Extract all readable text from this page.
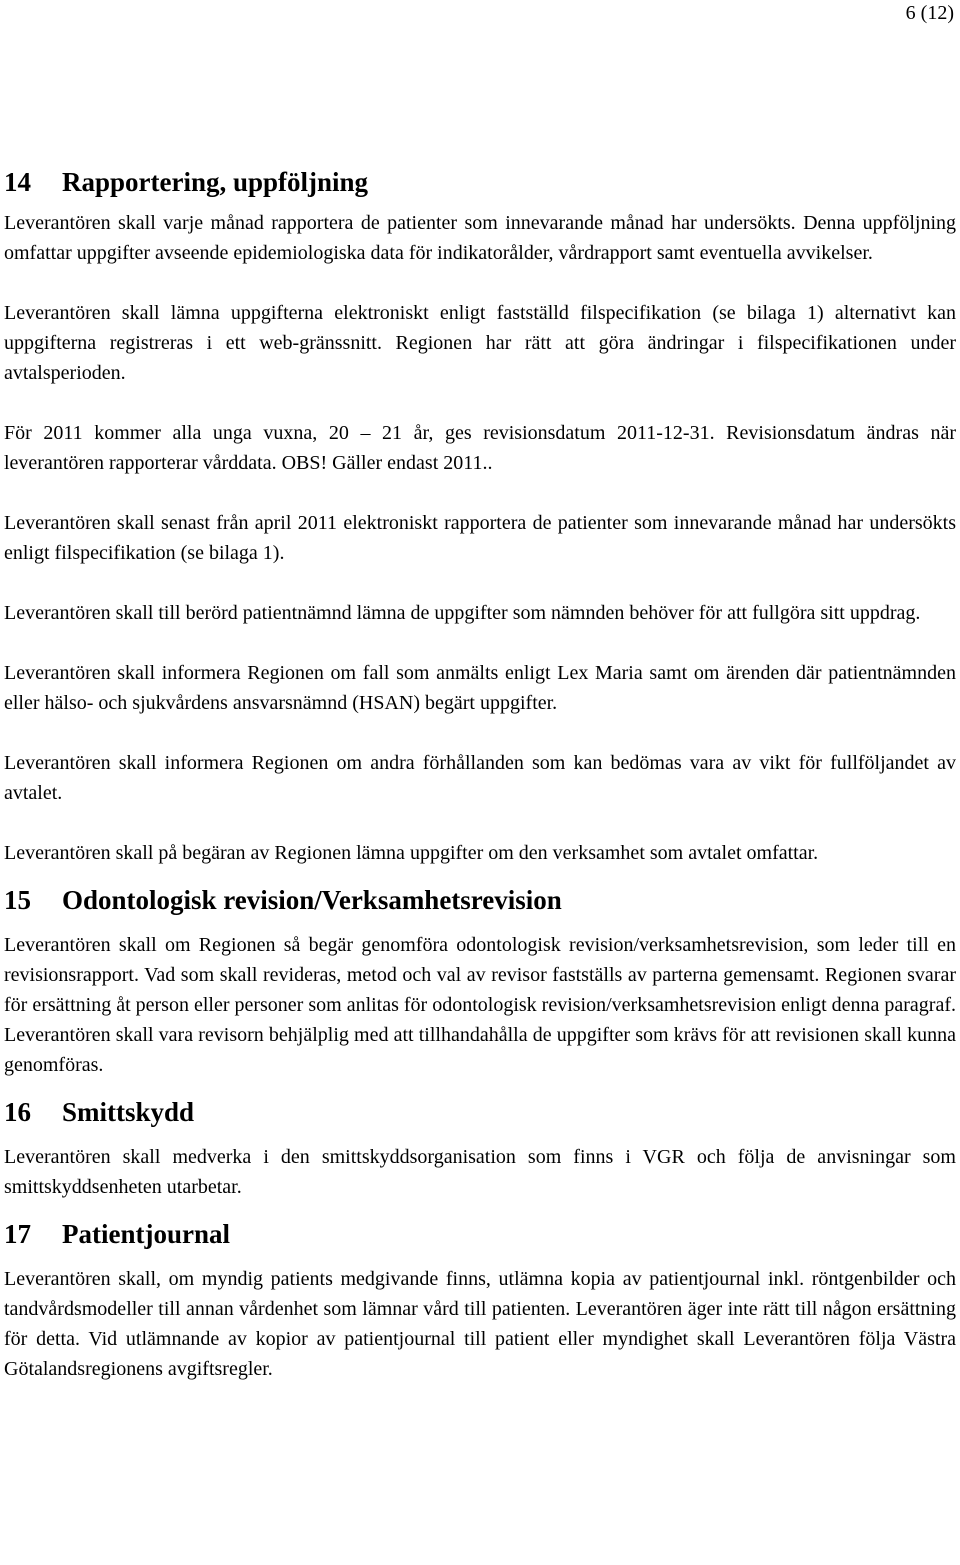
6 (12)
14 Rapportering, uppföljning

Leverantören skall varje månad rapportera de patienter som innevarande månad har undersökts. Denna uppföljning omfattar uppgifter avseende epidemiologiska data för indikatorålder, vårdrapport samt eventuella avvikelser.

Leverantören skall lämna uppgifterna elektroniskt enligt fastställd filspecifikation (se bilaga 1) alternativt kan uppgifterna registreras i ett web-gränssnitt. Regionen har rätt att göra ändringar i filspecifikationen under avtalsperioden.

För 2011 kommer alla unga vuxna, 20 – 21 år, ges revisionsdatum 2011-12-31. Revisionsdatum ändras när leverantören rapporterar vårddata. OBS! Gäller endast 2011..

Leverantören skall senast från april 2011 elektroniskt rapportera de patienter som innevarande månad har undersökts enligt filspecifikation (se bilaga 1).

Leverantören skall till berörd patientnämnd lämna de uppgifter som nämnden behöver för att fullgöra sitt uppdrag.

Leverantören skall informera Regionen om fall som anmälts enligt Lex Maria samt om ärenden där patientnämnden eller hälso- och sjukvårdens ansvarsnämnd (HSAN) begärt uppgifter.

Leverantören skall informera Regionen om andra förhållanden som kan bedömas vara av vikt för fullföljandet av avtalet.

Leverantören skall på begäran av Regionen lämna uppgifter om den verksamhet som avtalet omfattar.

15 Odontologisk revision/Verksamhetsrevision

Leverantören skall om Regionen så begär genomföra odontologisk revision/verksamhetsrevision, som leder till en revisionsrapport. Vad som skall revideras, metod och val av revisor fastställs av parterna gemensamt. Regionen svarar för ersättning åt person eller personer som anlitas för odontologisk revision/verksamhetsrevision enligt denna paragraf. Leverantören skall vara revisorn behjälplig med att tillhandahålla de uppgifter som krävs för att revisionen skall kunna genomföras.

16 Smittskydd

Leverantören skall medverka i den smittskyddsorganisation som finns i VGR och följa de anvisningar som smittskyddsenheten utarbetar.

17 Patientjournal

Leverantören skall, om myndig patients medgivande finns, utlämna kopia av patientjournal inkl. röntgenbilder och tandvårdsmodeller till annan vårdenhet som lämnar vård till patienten. Leverantören äger inte rätt till någon ersättning för detta. Vid utlämnande av kopior av patientjournal till patient eller myndighet skall Leverantören följa Västra Götalandsregionens avgiftsregler.
